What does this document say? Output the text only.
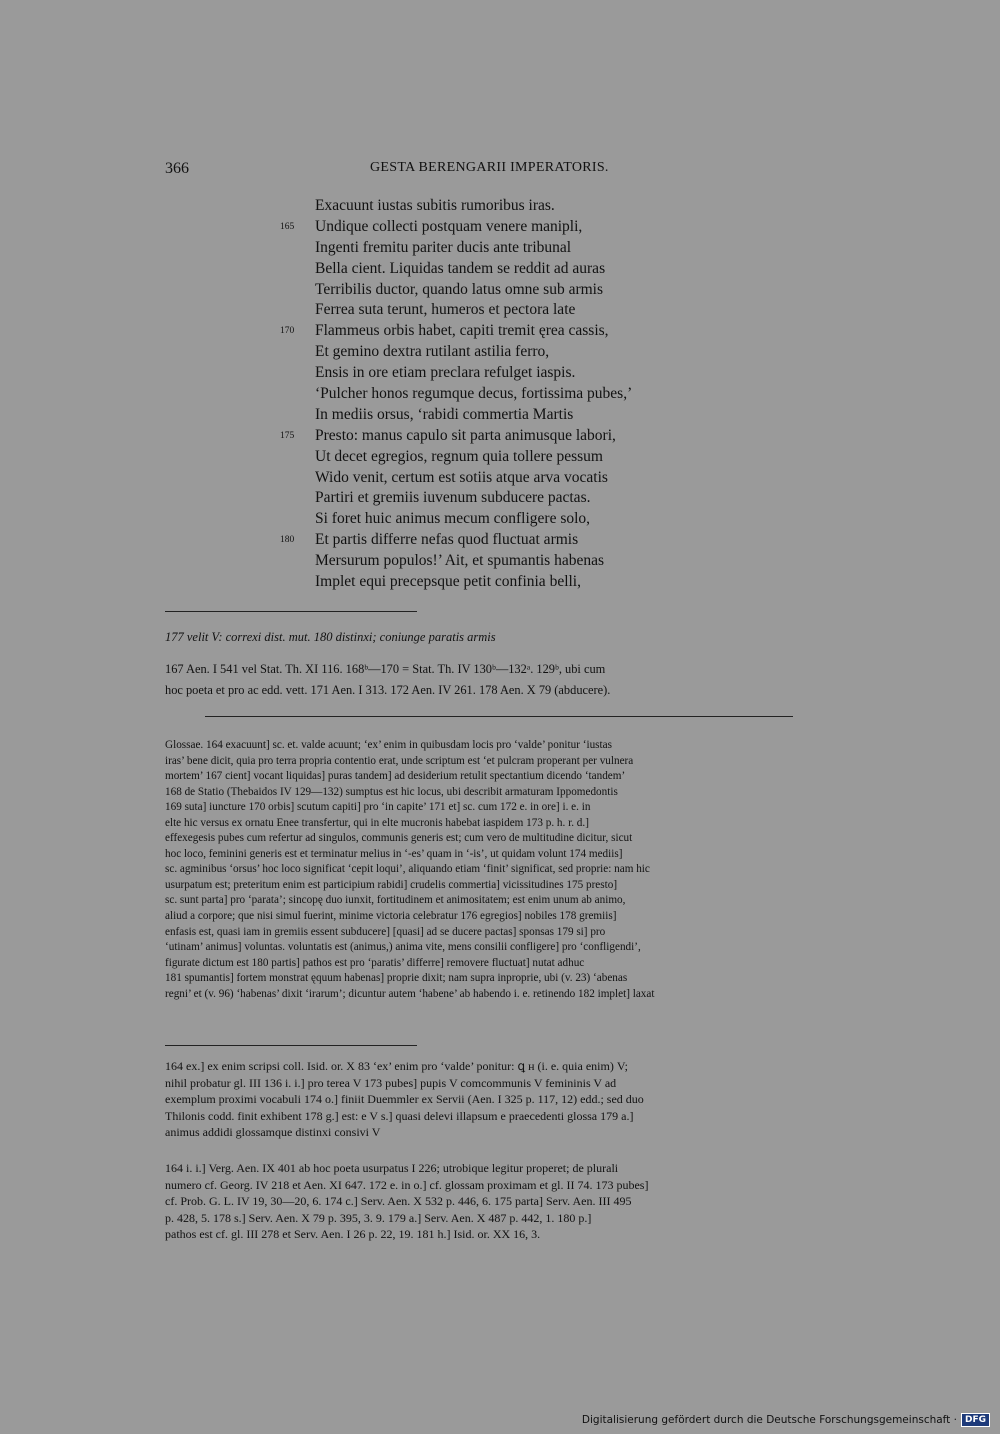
366	GESTA BERENGARII IMPERATORIS.
Exacuunt iustas subitis rumoribus iras.
165	Undique collecti postquam venere manipli,
Ingenti fremitu pariter ducis ante tribunal
Bella cient. Liquidas tandem se reddit ad auras
Terribilis ductor, quando latus omne sub armis
Ferrea suta terunt, humeros et pectora late
170	Flammeus orbis habet, capiti tremit ęrea cassis,
Et gemino dextra rutilant astilia ferro,
Ensis in ore etiam preclara refulget iaspis.
‘Pulcher honos regumque decus, fortissima pubes,’
In mediis orsus, ‘rabidi commertia Martis
175	Presto: manus capulo sit parta animusque labori,
Ut decet egregios, regnum quia tollere pessum
Wido venit, certum est sotiis atque arva vocatis
Partiri et gremiis iuvenum subducere pactas.
Si foret huic animus mecum confligere solo,
180	Et partis differre nefas quod fluctuat armis
Mersurum populos!’ Ait, et spumantis habenas
Implet equi precepsque petit confinia belli,

177 velit V: correxi dist. mut. 180 distinxi; coniunge paratis armis

167 Aen. I 541 vel Stat. Th. XI 116. 168ᵇ—170 = Stat. Th. IV 130ᵇ—132ᵃ. 129ᵇ, ubi cum

hoc poeta et pro ac edd. vett. 171 Aen. I 313. 172 Aen. IV 261. 178 Aen. X 79 (abducere).

Glossae. 164 exacuunt] sc. et. valde acuunt; ‘ex’ enim in quibusdam locis pro ‘valde’ ponitur ‘iustas
iras’ bene dicit, quia pro terra propria contentio erat, unde scriptum est ‘et pulcram properant per vulnera
mortem’ 167 cient] vocant liquidas] puras tandem] ad desiderium retulit spectantium dicendo ‘tandem’
168 de Statio (Thebaidos IV 129—132) sumptus est hic locus, ubi describit armaturam Ippomedontis
169 suta] iuncture 170 orbis] scutum capiti] pro ‘in capite’ 171 et] sc. cum 172 e. in ore] i. e. in
elte hic versus ex ornatu Enee transfertur, qui in elte mucronis habebat iaspidem 173 p. h. r. d.]
effexegesis pubes cum refertur ad singulos, communis generis est; cum vero de multitudine dicitur, sicut
hoc loco, feminini generis est et terminatur melius in ‘-es’ quam in ‘-is’, ut quidam volunt 174 mediis]
sc. agminibus ‘orsus’ hoc loco significat ‘cepit loqui’, aliquando etiam ‘finit’ significat, sed proprie: nam hic
usurpatum est; preteritum enim est participium rabidi] crudelis commertia] vicissitudines 175 presto]
sc. sunt parta] pro ‘parata’; sincopę duo iunxit, fortitudinem et animositatem; est enim unum ab animo,
aliud a corpore; que nisi simul fuerint, minime victoria celebratur 176 egregios] nobiles 178 gremiis]
enfasis est, quasi iam in gremiis essent subducere] [quasi] ad se ducere pactas] sponsas 179 si] pro
‘utinam’ animus] voluntas. voluntatis est (animus,) anima vite, mens consilii confligere] pro ‘confligendi’,
figurate dictum est 180 partis] pathos est pro ‘paratis’ differre] removere fluctuat] nutat adhuc
181 spumantis] fortem monstrat ęquum habenas] proprie dixit; nam supra inproprie, ubi (v. 23) ‘abenas
regni’ et (v. 96) ‘habenas’ dixit ‘irarum’; dicuntur autem ‘habene’ ab habendo i. e. retinendo 182 implet] laxat
164 ex.] ex enim scripsi coll. Isid. or. X 83 ‘ex’ enim pro ‘valde’ ponitur: ꝗ н (i. e. quia enim) V;
nihil probatur gl. III 136 i. i.] pro terea V 173 pubes] pupis V comcommunis V femininis V ad
exemplum proximi vocabuli 174 o.] finiit Duemmler ex Servii (Aen. I 325 p. 117, 12) edd.; sed duo
Thilonis codd. finit exhibent 178 g.] est: e V s.] quasi delevi illapsum e praecedenti glossa 179 a.]
animus addidi glossamque distinxi consivi V
164 i. i.] Verg. Aen. IX 401 ab hoc poeta usurpatus I 226; utrobique legitur properet; de plurali
numero cf. Georg. IV 218 et Aen. XI 647. 172 e. in o.] cf. glossam proximam et gl. II 74. 173 pubes]
cf. Prob. G. L. IV 19, 30—20, 6. 174 c.] Serv. Aen. X 532 p. 446, 6. 175 parta] Serv. Aen. III 495
p. 428, 5. 178 s.] Serv. Aen. X 79 p. 395, 3. 9. 179 a.] Serv. Aen. X 487 p. 442, 1. 180 p.]
pathos est cf. gl. III 278 et Serv. Aen. I 26 p. 22, 19. 181 h.] Isid. or. XX 16, 3.
Digitalisierung gefördert durch die Deutsche Forschungsgemeinschaft · DFG
